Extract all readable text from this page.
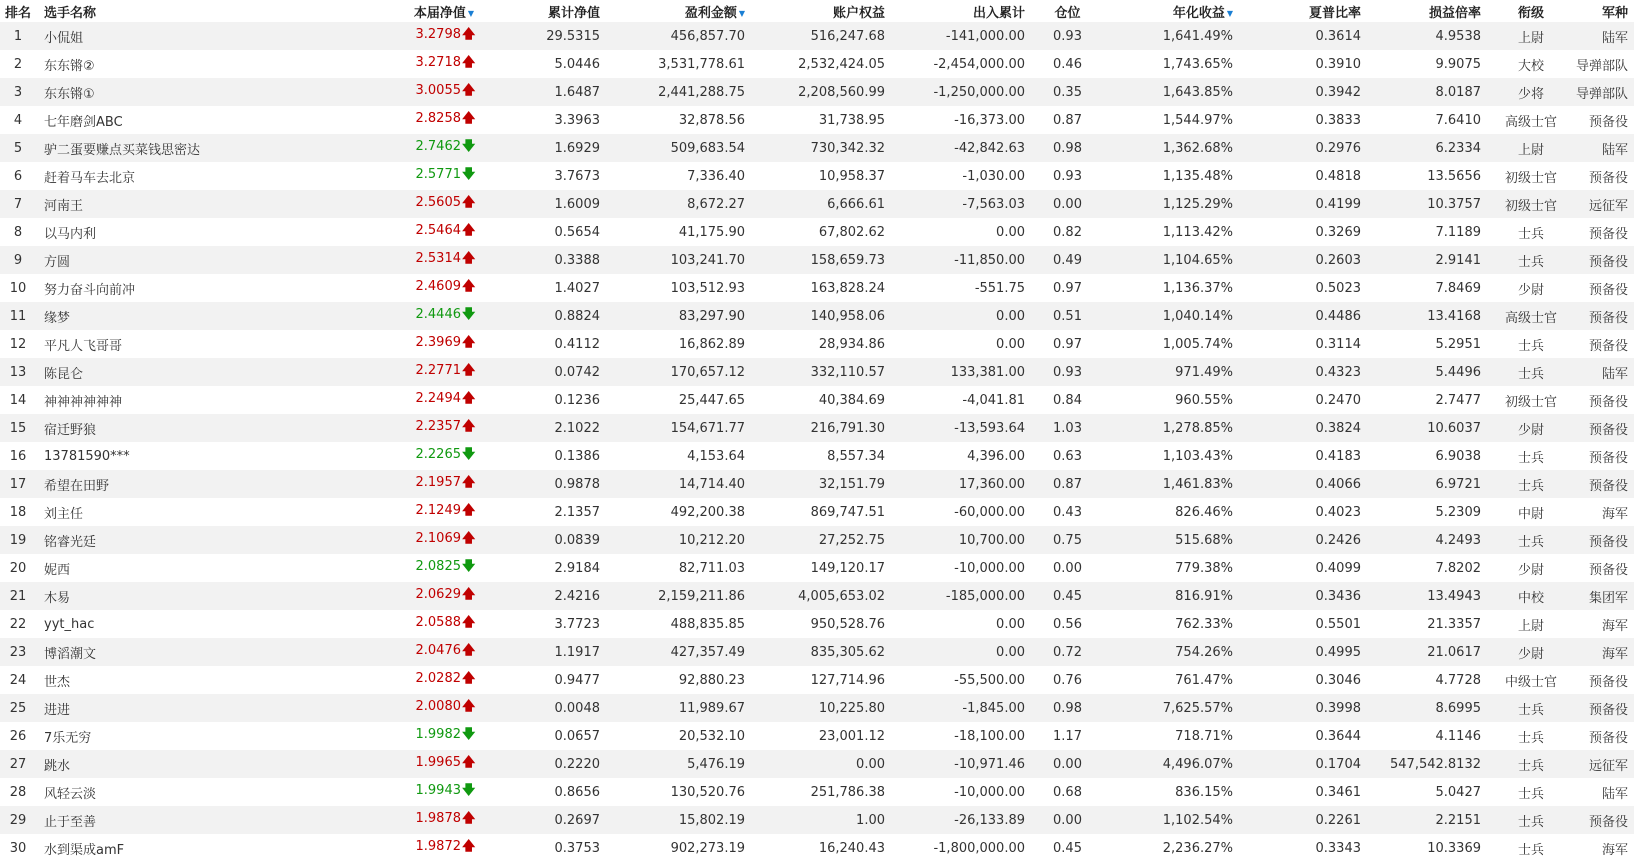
排名	选手名称	本届净值 ▼	累计净值	盈利金额 ▼	账户权益	出入累计	仓位	年化收益 ▼	夏普比率	损益倍率	衔级	军种
1	小侃姐	3.2798🡅	29.5315	456,857.70	516,247.68	-141,000.00	0.93	1,641.49%	0.3614	4.9538	上尉	陆军
2	东东锵②	3.2718🡅	5.0446	3,531,778.61	2,532,424.05	-2,454,000.00	0.46	1,743.65%	0.3910	9.9075	大校	导弹部队
3	东东锵①	3.0055🡅	1.6487	2,441,288.75	2,208,560.99	-1,250,000.00	0.35	1,643.85%	0.3942	8.0187	少将	导弹部队
4	七年磨剑ABC	2.8258🡅	3.3963	32,878.56	31,738.95	-16,373.00	0.87	1,544.97%	0.3833	7.6410	高级士官	预备役
5	驴二蛋要赚点买菜钱思密达	2.7462🡇	1.6929	509,683.54	730,342.32	-42,842.63	0.98	1,362.68%	0.2976	6.2334	上尉	陆军
6	赶着马车去北京	2.5771🡇	3.7673	7,336.40	10,958.37	-1,030.00	0.93	1,135.48%	0.4818	13.5656	初级士官	预备役
7	河南王	2.5605🡅	1.6009	8,672.27	6,666.61	-7,563.03	0.00	1,125.29%	0.4199	10.3757	初级士官	远征军
8	以马内利	2.5464🡅	0.5654	41,175.90	67,802.62	0.00	0.82	1,113.42%	0.3269	7.1189	士兵	预备役
9	方圆	2.5314🡅	0.3388	103,241.70	158,659.73	-11,850.00	0.49	1,104.65%	0.2603	2.9141	士兵	预备役
10	努力奋斗向前冲	2.4609🡅	1.4027	103,512.93	163,828.24	-551.75	0.97	1,136.37%	0.5023	7.8469	少尉	预备役
11	缘梦	2.4446🡇	0.8824	83,297.90	140,958.06	0.00	0.51	1,040.14%	0.4486	13.4168	高级士官	预备役
12	平凡人飞哥哥	2.3969🡅	0.4112	16,862.89	28,934.86	0.00	0.97	1,005.74%	0.3114	5.2951	士兵	预备役
13	陈昆仑	2.2771🡅	0.0742	170,657.12	332,110.57	133,381.00	0.93	971.49%	0.4323	5.4496	士兵	陆军
14	神神神神神神	2.2494🡅	0.1236	25,447.65	40,384.69	-4,041.81	0.84	960.55%	0.2470	2.7477	初级士官	预备役
15	宿迁野狼	2.2357🡅	2.1022	154,671.77	216,791.30	-13,593.64	1.03	1,278.85%	0.3824	10.6037	少尉	预备役
16	13781590***	2.2265🡇	0.1386	4,153.64	8,557.34	4,396.00	0.63	1,103.43%	0.4183	6.9038	士兵	预备役
17	希望在田野	2.1957🡅	0.9878	14,714.40	32,151.79	17,360.00	0.87	1,461.83%	0.4066	6.9721	士兵	预备役
18	刘主任	2.1249🡅	2.1357	492,200.38	869,747.51	-60,000.00	0.43	826.46%	0.4023	5.2309	中尉	海军
19	铭睿光廷	2.1069🡅	0.0839	10,212.20	27,252.75	10,700.00	0.75	515.68%	0.2426	4.2493	士兵	预备役
20	妮西	2.0825🡇	2.9184	82,711.03	149,120.17	-10,000.00	0.00	779.38%	0.4099	7.8202	少尉	预备役
21	木易	2.0629🡅	2.4216	2,159,211.86	4,005,653.02	-185,000.00	0.45	816.91%	0.3436	13.4943	中校	集团军
22	yyt_hac	2.0588🡅	3.7723	488,835.85	950,528.76	0.00	0.56	762.33%	0.5501	21.3357	上尉	海军
23	博滔潮文	2.0476🡅	1.1917	427,357.49	835,305.62	0.00	0.72	754.26%	0.4995	21.0617	少尉	海军
24	世杰	2.0282🡅	0.9477	92,880.23	127,714.96	-55,500.00	0.76	761.47%	0.3046	4.7728	中级士官	预备役
25	进进	2.0080🡅	0.0048	11,989.67	10,225.80	-1,845.00	0.98	7,625.57%	0.3998	8.6995	士兵	预备役
26	7乐无穷	1.9982🡇	0.0657	20,532.10	23,001.12	-18,100.00	1.17	718.71%	0.3644	4.1146	士兵	预备役
27	跳水	1.9965🡅	0.2220	5,476.19	0.00	-10,971.46	0.00	4,496.07%	0.1704	547,542.8132	士兵	远征军
28	风轻云淡	1.9943🡇	0.8656	130,520.76	251,786.38	-10,000.00	0.68	836.15%	0.3461	5.0427	士兵	陆军
29	止于至善	1.9878🡅	0.2697	15,802.19	1.00	-26,133.89	0.00	1,102.54%	0.2261	2.2151	士兵	预备役
30	水到渠成amF	1.9872🡅	0.3753	902,273.19	16,240.43	-1,800,000.00	0.45	2,236.27%	0.3343	10.3369	士兵	海军
